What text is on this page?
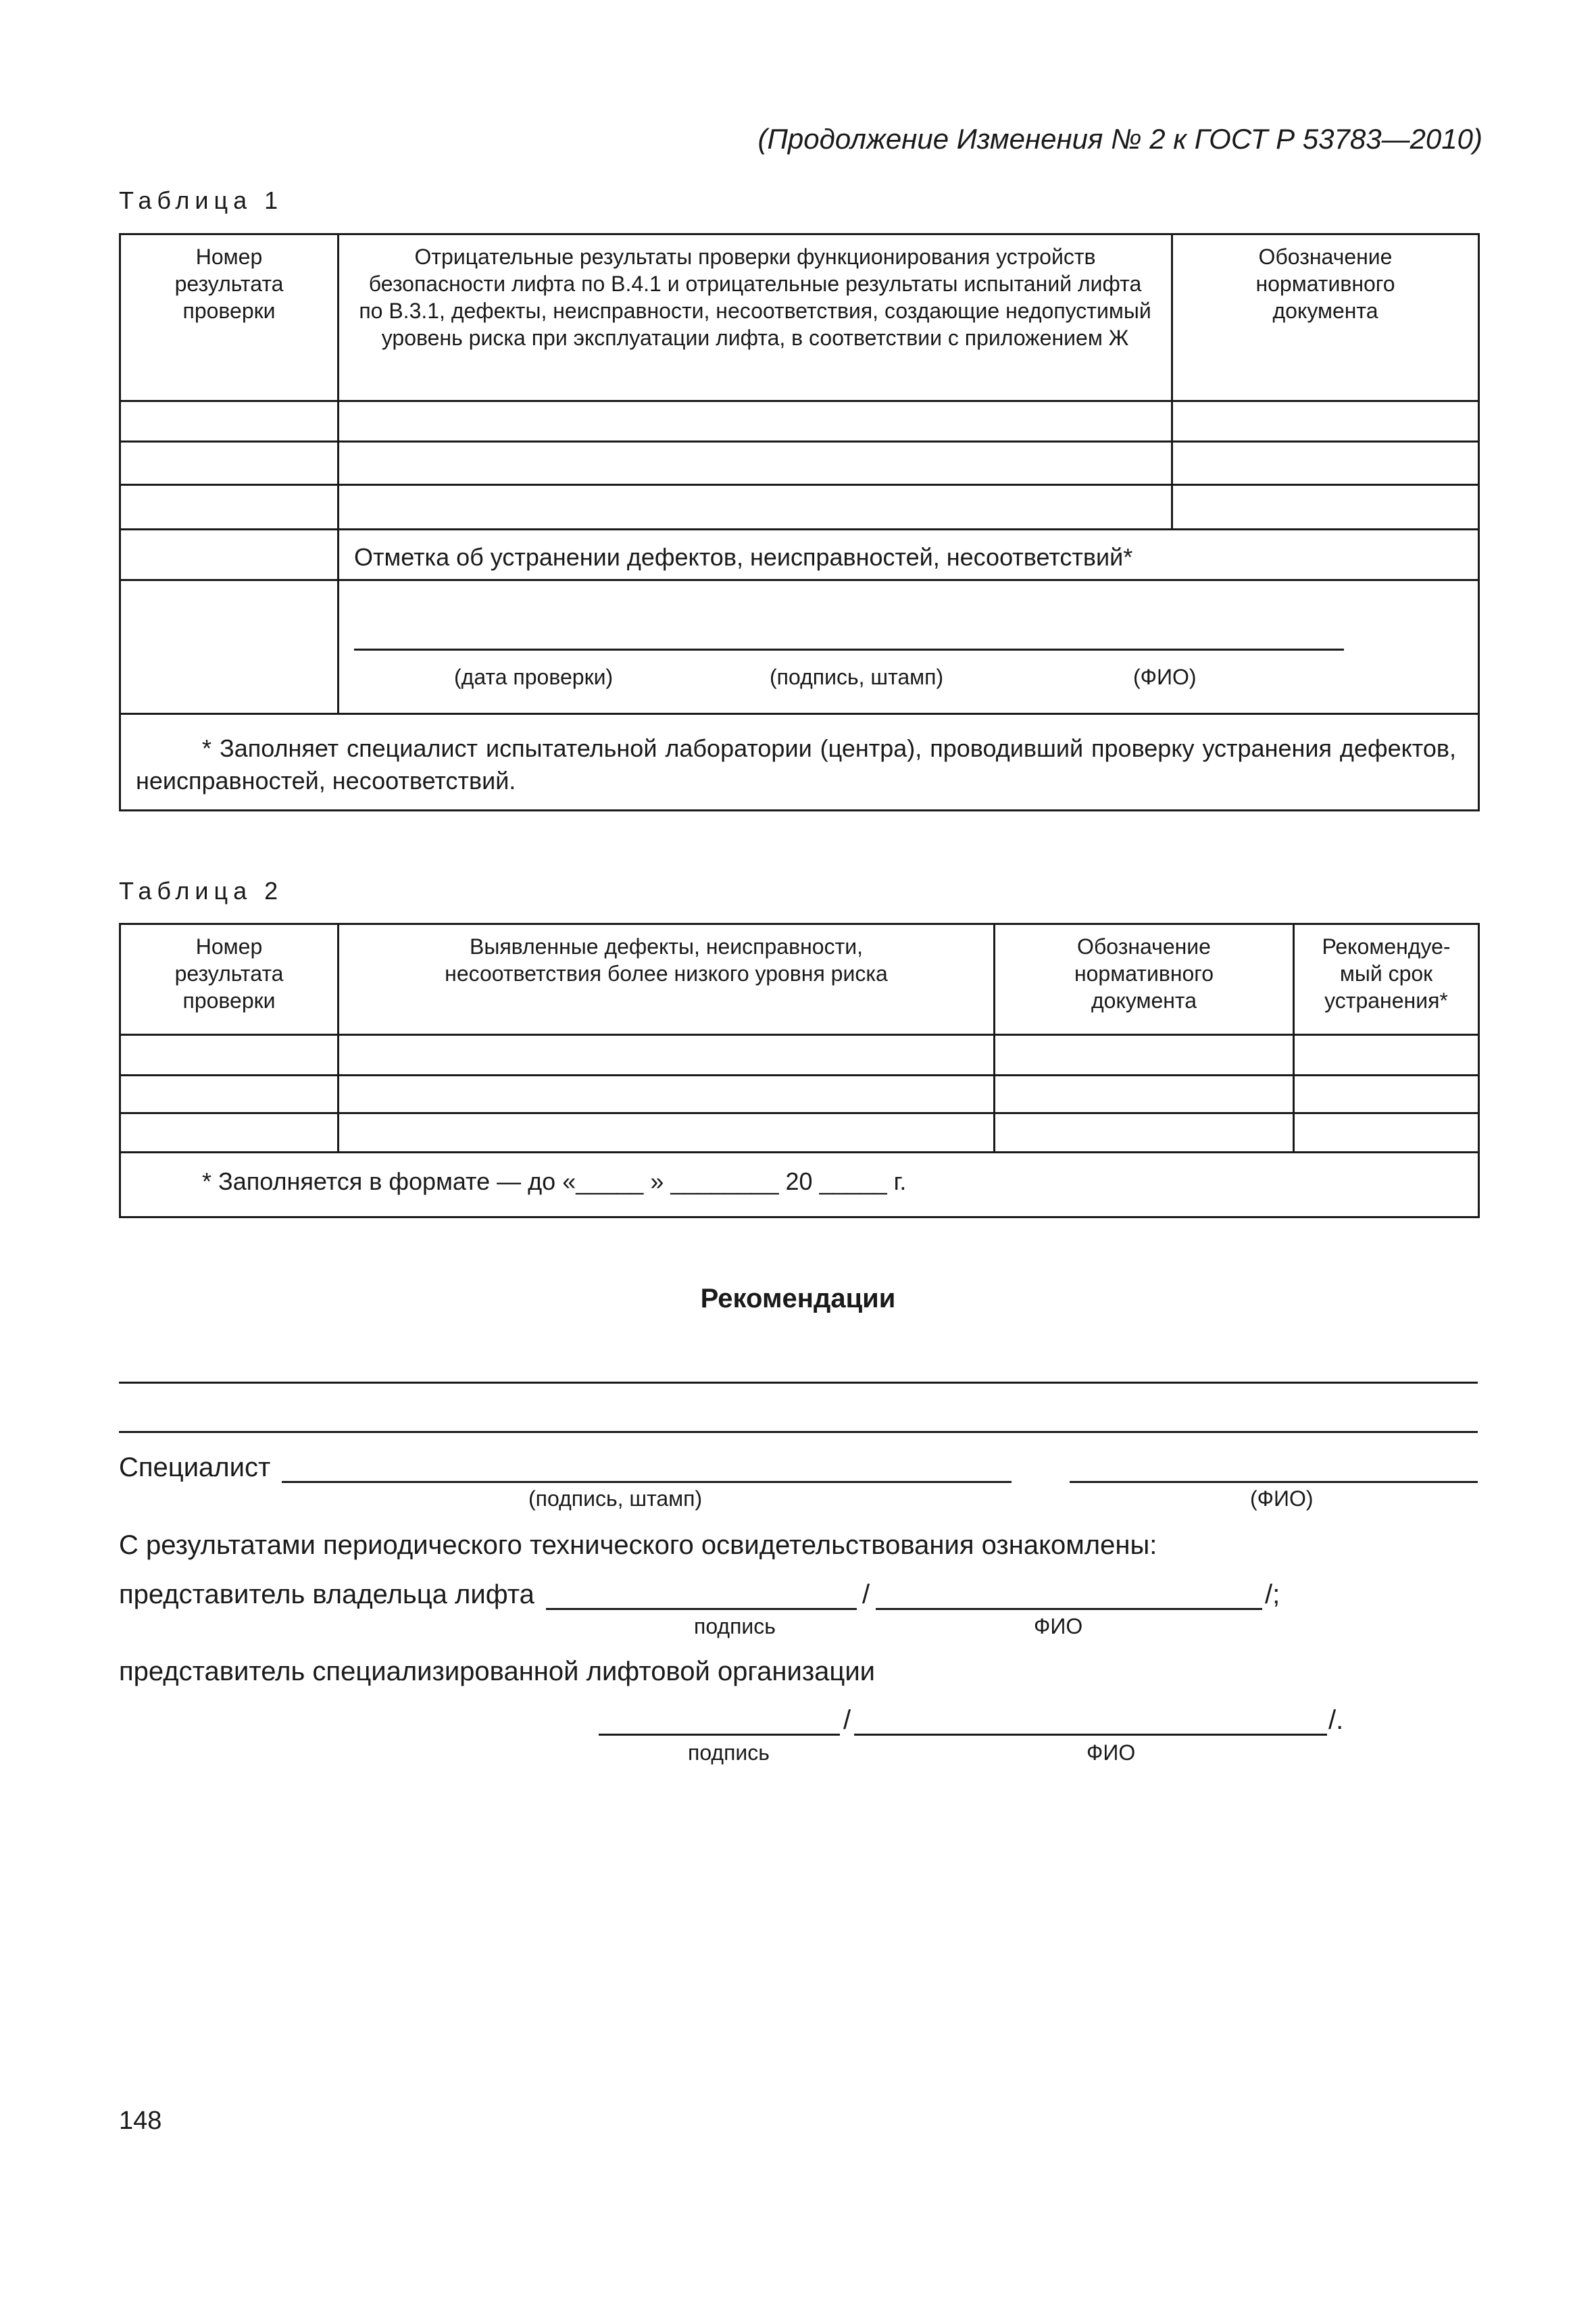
(Продолжение Изменения № 2 к ГОСТ Р 53783—2010)
Таблица 1
Номер результата проверки	Отрицательные результаты проверки функционирования устройств безопасности лифта по В.4.1 и отрицательные результаты испытаний лифта по В.3.1, дефекты, неисправности, несоответствия, создающие недопустимый уровень риска при эксплуатации лифта, в соответствии с приложением Ж	Обозначение нормативного документа

	Отметка об устранении дефектов, неисправностей, несоответствий*	

	(дата проверки) (подпись, штамп) (ФИО)	

* Заполняет специалист испытательной лаборатории (центра), проводивший проверку устранения дефектов, неисправностей, несоответствий.		
Таблица 2
Номер результата проверки	Выявленные дефекты, неисправности, несоответствия более низкого уровня риска	Обозначение нормативного документа	Рекомендуе-мый срок устранения*

* Заполняется в формате — до «_____ » ________ 20 _____ г.			
Рекомендации
Специалист
(подпись, штамп)	(ФИО)
С результатами периодического технического освидетельствования ознакомлены:
представитель владельца лифта	/	/;
подпись	ФИО
представитель специализированной лифтовой организации
/	/.
подпись	ФИО
148
